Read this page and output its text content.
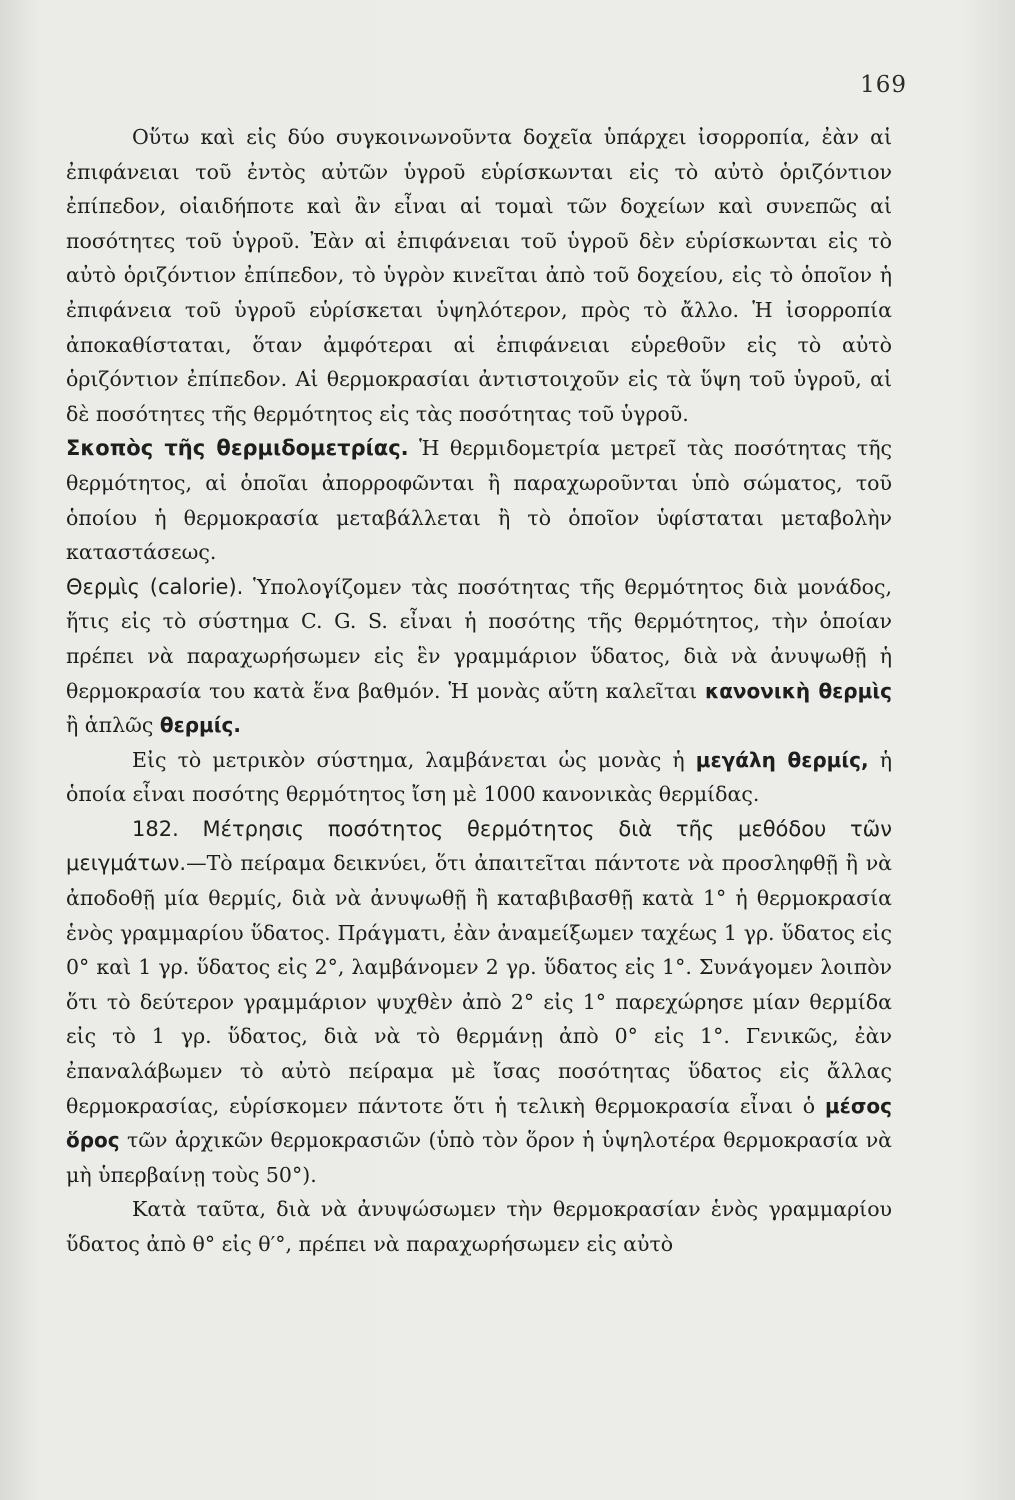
169

Οὕτω καὶ εἰς δύο συγκοινωνοῦντα δοχεῖα ὑπάρχει ἰσορροπία, ἐὰν αἱ ἐπιφάνειαι τοῦ ἐντὸς αὐτῶν ὑγροῦ εὑρίσκωνται εἰς τὸ αὐτὸ ὁριζόντιον ἐπίπεδον, οἱαιδήποτε καὶ ἂν εἶναι αἱ τομαὶ τῶν δοχείων καὶ συνεπῶς αἱ ποσότητες τοῦ ὑγροῦ. Ἐὰν αἱ ἐπιφάνειαι τοῦ ὑγροῦ δὲν εὑρίσκωνται εἰς τὸ αὐτὸ ὁριζόντιον ἐπίπεδον, τὸ ὑγρὸν κινεῖται ἀπὸ τοῦ δοχείου, εἰς τὸ ὁποῖον ἡ ἐπιφάνεια τοῦ ὑγροῦ εὑρίσκεται ὑψηλότερον, πρὸς τὸ ἄλλο. Ἡ ἰσορροπία ἀποκαθίσταται, ὅταν ἀμφότεραι αἱ ἐπιφάνειαι εὑρεθοῦν εἰς τὸ αὐτὸ ὁριζόντιον ἐπίπεδον. Αἱ θερμοκρασίαι ἀντιστοιχοῦν εἰς τὰ ὕψη τοῦ ὑγροῦ, αἱ δὲ ποσότητες τῆς θερμότητος εἰς τὰς ποσότητας τοῦ ὑγροῦ.

Σκοπὸς τῆς θερμιδομετρίας. Ἡ θερμιδομετρία μετρεῖ τὰς ποσότητας τῆς θερμότητος, αἱ ὁποῖαι ἀπορροφῶνται ἢ παραχωροῦνται ὑπὸ σώματος, τοῦ ὁποίου ἡ θερμοκρασία μεταβάλλεται ἢ τὸ ὁποῖον ὑφίσταται μεταβολὴν καταστάσεως.

Θερμὶς (calorie). Ὑπολογίζομεν τὰς ποσότητας τῆς θερμότητος διὰ μονάδος, ἥτις εἰς τὸ σύστημα C. G. S. εἶναι ἡ ποσότης τῆς θερμότητος, τὴν ὁποίαν πρέπει νὰ παραχωρήσωμεν εἰς ἓν γραμμάριον ὕδατος, διὰ νὰ ἀνυψωθῇ ἡ θερμοκρασία του κατὰ ἕνα βαθμόν. Ἡ μονὰς αὕτη καλεῖται κανονικὴ θερμὶς ἢ ἁπλῶς θερμίς.

Εἰς τὸ μετρικὸν σύστημα, λαμβάνεται ὡς μονὰς ἡ μεγάλη θερμίς, ἡ ὁποία εἶναι ποσότης θερμότητος ἴση μὲ 1000 κανονικὰς θερμίδας.

182. Μέτρησις ποσότητος θερμότητος διὰ τῆς μεθόδου τῶν μειγμάτων.—Τὸ πείραμα δεικνύει, ὅτι ἀπαιτεῖται πάντοτε νὰ προσληφθῇ ἢ νὰ ἀποδοθῇ μία θερμίς, διὰ νὰ ἀνυψωθῇ ἢ καταβιβασθῇ κατὰ 1° ἡ θερμοκρασία ἑνὸς γραμμαρίου ὕδατος. Πράγματι, ἐὰν ἀναμείξωμεν ταχέως 1 γρ. ὕδατος εἰς 0° καὶ 1 γρ. ὕδατος εἰς 2°, λαμβάνομεν 2 γρ. ὕδατος εἰς 1°. Συνάγομεν λοιπὸν ὅτι τὸ δεύτερον γραμμάριον ψυχθὲν ἀπὸ 2° εἰς 1° παρεχώρησε μίαν θερμίδα εἰς τὸ 1 γρ. ὕδατος, διὰ νὰ τὸ θερμάνῃ ἀπὸ 0° εἰς 1°. Γενικῶς, ἐὰν ἐπαναλάβωμεν τὸ αὐτὸ πείραμα μὲ ἴσας ποσότητας ὕδατος εἰς ἄλλας θερμοκρασίας, εὑρίσκομεν πάντοτε ὅτι ἡ τελικὴ θερμοκρασία εἶναι ὁ μέσος ὅρος τῶν ἀρχικῶν θερμοκρασιῶν (ὑπὸ τὸν ὅρον ἡ ὑψηλοτέρα θερμοκρασία νὰ μὴ ὑπερβαίνῃ τοὺς 50°).

Κατὰ ταῦτα, διὰ νὰ ἀνυψώσωμεν τὴν θερμοκρασίαν ἑνὸς γραμμαρίου ὕδατος ἀπὸ θ° εἰς θ′°, πρέπει νὰ παραχωρήσωμεν εἰς αὐτὸ
